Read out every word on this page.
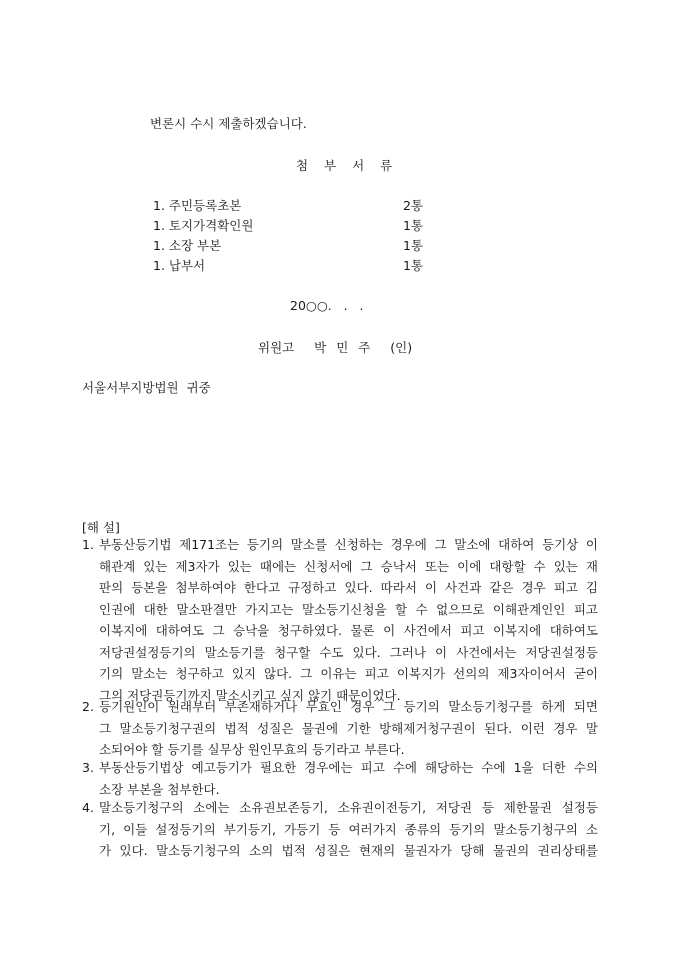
변론시 수시 제출하겠습니다.
첨 부 서 류
1. 주민등록초본	2통
1. 토지가격확인원	1통
1. 소장 부본	1통
1. 납부서	1통
20○○.   .   .
위원고  박 민 주  (인)
서울서부지방법원  귀중
[해 설]
1. 부동산등기법 제171조는 등기의 말소를 신청하는 경우에 그 말소에 대하여 등기상 이
해관계 있는 제3자가 있는 때에는 신청서에 그 승낙서 또는 이에 대항할 수 있는 재
판의 등본을 첨부하여야 한다고 규정하고 있다. 따라서 이 사건과 같은 경우 피고 김
인권에 대한 말소판결만 가지고는 말소등기신청을 할 수 없으므로 이해관계인인 피고
이복지에 대하여도 그 승낙을 청구하였다. 물론 이 사건에서 피고 이복지에 대하여도
저당권설정등기의 말소등기를 청구할 수도 있다. 그러나 이 사건에서는 저당권설정등
기의 말소는 청구하고 있지 않다. 그 이유는 피고 이복지가 선의의 제3자이어서 굳이
그의 저당권등기까지 말소시키고 싶지 않기 때문이었다.
2. 등기원인이 원래부터 부존재하거나 무효인 경우 그 등기의 말소등기청구를 하게 되면
그 말소등기청구권의 법적 성질은 물권에 기한 방해제거청구권이 된다. 이런 경우 말
소되어야 할 등기를 실무상 원인무효의 등기라고 부른다.
3. 부동산등기법상 예고등기가 필요한 경우에는 피고 수에 해당하는 수에 1을 더한 수의
소장 부본을 첨부한다.
4. 말소등기청구의 소에는 소유권보존등기, 소유권이전등기, 저당권 등 제한물권 설정등
기, 이들 설정등기의 부기등기, 가등기 등 여러가지 종류의 등기의 말소등기청구의 소
가 있다. 말소등기청구의 소의 법적 성질은 현재의 물권자가 당해 물권의 권리상태를
